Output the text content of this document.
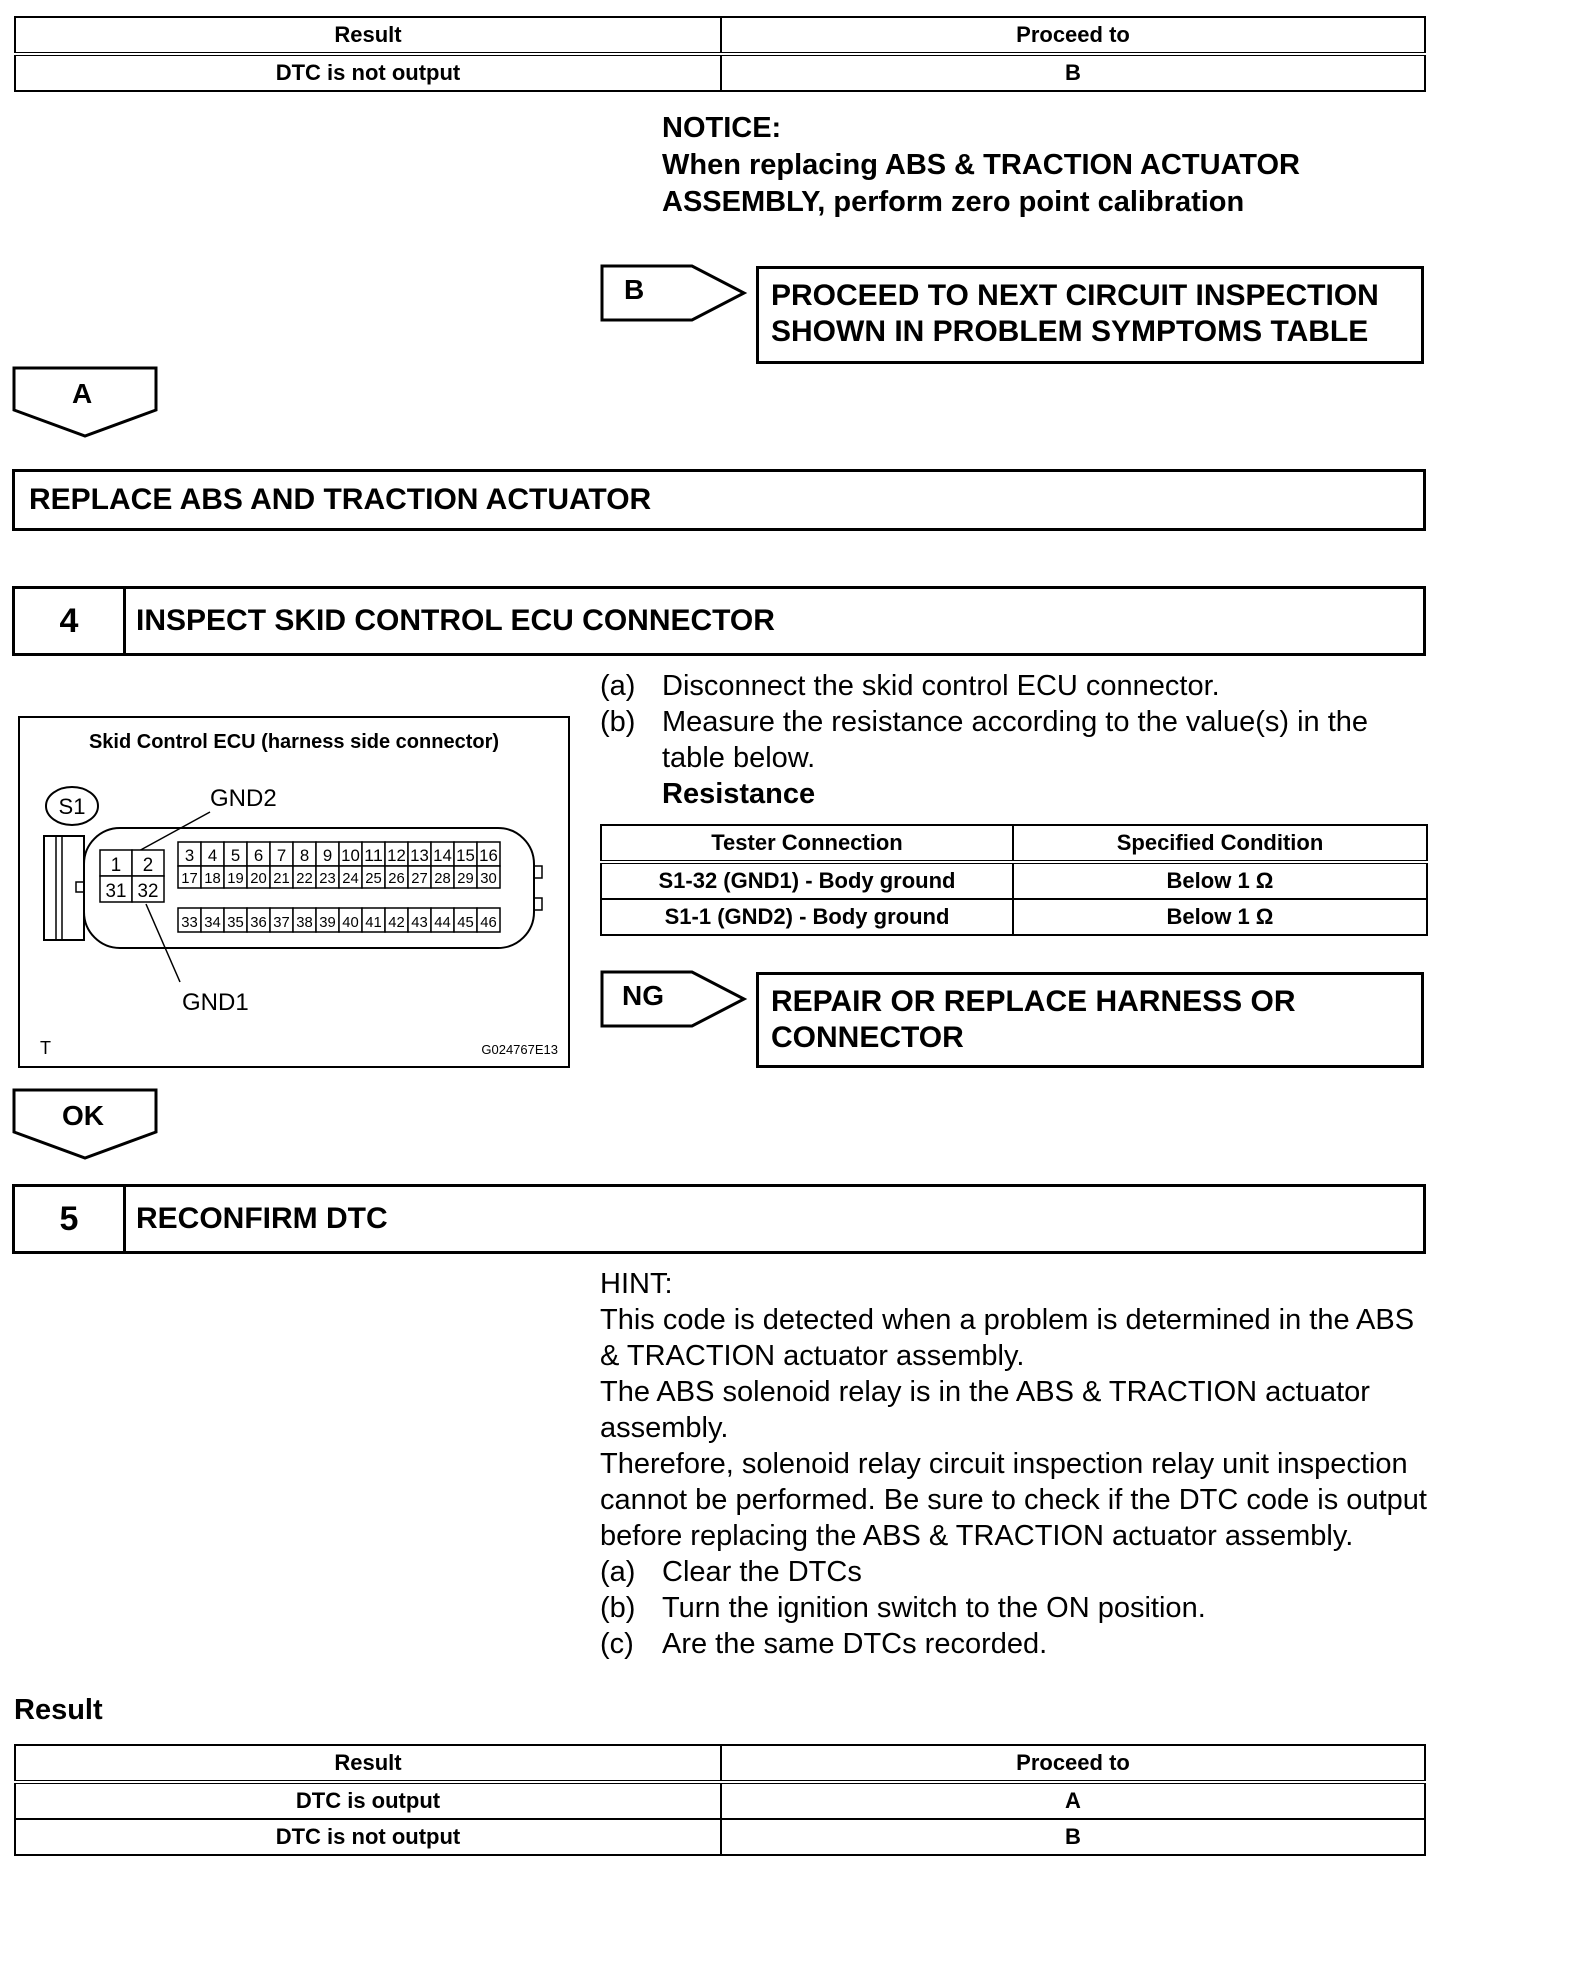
Result	Proceed to
DTC is not output	B
NOTICE:
When replacing ABS & TRACTION ACTUATOR
ASSEMBLY, perform zero point calibration
B	PROCEED TO NEXT CIRCUIT INSPECTION
SHOWN IN PROBLEM SYMPTOMS TABLE
A
REPLACE ABS AND TRACTION ACTUATOR
4	INSPECT SKID CONTROL ECU CONNECTOR
(a) Disconnect the skid control ECU connector.
(b) Measure the resistance according to the value(s) in the table below.
Resistance
Tester Connection	Specified Condition
S1-32 (GND1) - Body ground	Below 1 Ω
S1-1 (GND2) - Body ground	Below 1 Ω
Skid Control ECU (harness side connector)
S1	GND2
1 2
31 32
3 4 5 6 7 8 9 10 11 12 13 14 15 16
17 18 19 20 21 22 23 24 25 26 27 28 29 30
33 34 35 36 37 38 39 40 41 42 43 44 45 46
GND1
T	G024767E13
NG	REPAIR OR REPLACE HARNESS OR
CONNECTOR
OK
5	RECONFIRM DTC
HINT:
This code is detected when a problem is determined in the ABS & TRACTION actuator assembly.
The ABS solenoid relay is in the ABS & TRACTION actuator assembly.
Therefore, solenoid relay circuit inspection relay unit inspection cannot be performed. Be sure to check if the DTC code is output before replacing the ABS & TRACTION actuator assembly.
(a) Clear the DTCs
(b) Turn the ignition switch to the ON position.
(c) Are the same DTCs recorded.
Result
Result	Proceed to
DTC is output	A
DTC is not output	B
